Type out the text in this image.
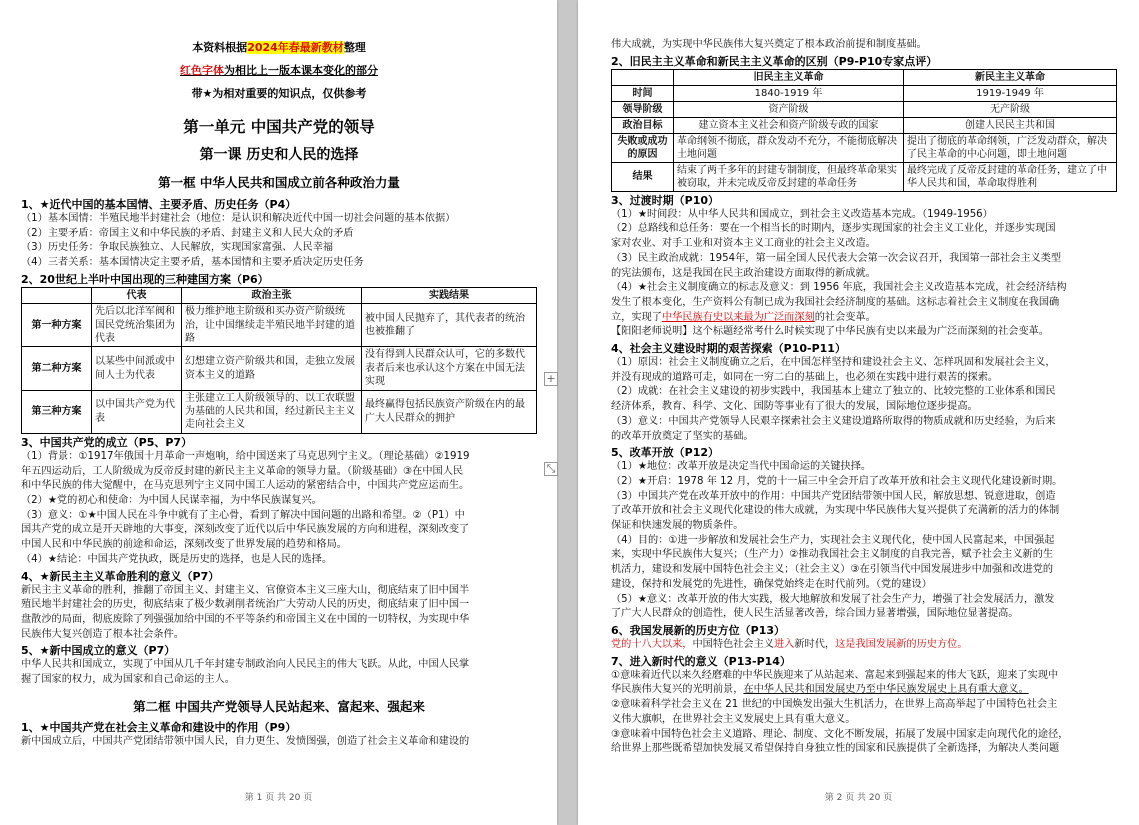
本资料根据2024年春最新教材整理
红色字体为相比上一版本课本变化的部分
带★为相对重要的知识点，仅供参考
第一单元 中国共产党的领导
第一课 历史和人民的选择
第一框 中华人民共和国成立前各种政治力量
1、★近代中国的基本国情、主要矛盾、历史任务（P4）

（1）基本国情：半殖民地半封建社会（地位：是认识和解决近代中国一切社会问题的基本依据）

（2）主要矛盾：帝国主义和中华民族的矛盾、封建主义和人民大众的矛盾

（3）历史任务：争取民族独立、人民解放，实现国家富强、人民幸福

（4）三者关系：基本国情决定主要矛盾，基本国情和主要矛盾决定历史任务

2、20世纪上半叶中国出现的三种建国方案（P6）
	代表	政治主张	实践结果
第一种方案	先后以北洋军阀和国民党统治集团为代表	极力维护地主阶级和买办资产阶级统治，让中国继续走半殖民地半封建的道路	被中国人民抛弃了，其代表者的统治也被推翻了
第二种方案	以某些中间派或中间人士为代表	幻想建立资产阶级共和国，走独立发展资本主义的道路	没有得到人民群众认可，它的多数代表者后来也承认这个方案在中国无法实现
第三种方案	以中国共产党为代表	主张建立工人阶级领导的、以工农联盟为基础的人民共和国，经过新民主主义走向社会主义	最终赢得包括民族资产阶级在内的最广大人民群众的拥护
3、中国共产党的成立（P5、P7）

（1）背景：①1917年俄国十月革命一声炮响，给中国送来了马克思列宁主义。（理论基础）②1919

年五四运动后，工人阶级成为反帝反封建的新民主主义革命的领导力量。（阶级基础）③在中国人民

和中华民族的伟大觉醒中，在马克思列宁主义同中国工人运动的紧密结合中，中国共产党应运而生。

（2）★党的初心和使命：为中国人民谋幸福，为中华民族谋复兴。

（3）意义：①★中国人民在斗争中就有了主心骨，看到了解决中国问题的出路和希望。②（P1）中

国共产党的成立是开天辟地的大事变，深刻改变了近代以后中华民族发展的方向和进程，深刻改变了

中国人民和中华民族的前途和命运，深刻改变了世界发展的趋势和格局。

（4）★结论：中国共产党执政，既是历史的选择，也是人民的选择。

4、★新民主主义革命胜利的意义（P7）

新民主主义革命的胜利，推翻了帝国主义、封建主义、官僚资本主义三座大山，彻底结束了旧中国半

殖民地半封建社会的历史，彻底结束了极少数剥削者统治广大劳动人民的历史，彻底结束了旧中国一

盘散沙的局面，彻底废除了列强强加给中国的不平等条约和帝国主义在中国的一切特权，为实现中华

民族伟大复兴创造了根本社会条件。

5、★新中国成立的意义（P7）

中华人民共和国成立，实现了中国从几千年封建专制政治向人民民主的伟大飞跃。从此，中国人民掌

握了国家的权力，成为国家和自己命运的主人。

第二框 中国共产党领导人民站起来、富起来、强起来
1、★中国共产党在社会主义革命和建设中的作用（P9）

新中国成立后，中国共产党团结带领中国人民，自力更生、发愤图强，创造了社会主义革命和建设的

第 1 页 共 20 页
+
⤡

伟大成就，为实现中华民族伟大复兴奠定了根本政治前提和制度基础。

2、旧民主主义革命和新民主主义革命的区别（P9-P10专家点评）
	旧民主主义革命	新民主主义革命
时间	1840-1919 年	1919-1949 年
领导阶级	资产阶级	无产阶级
政治目标	建立资本主义社会和资产阶级专政的国家	创建人民民主共和国
失败或成功的原因	革命纲领不彻底，群众发动不充分，不能彻底解决土地问题	提出了彻底的革命纲领，广泛发动群众，解决了民主革命的中心问题，即土地问题
结果	结束了两千多年的封建专制制度，但最终革命果实被窃取，并未完成反帝反封建的革命任务	最终完成了反帝反封建的革命任务，建立了中华人民共和国，革命取得胜利
3、过渡时期（P10）

（1）★时间段：从中华人民共和国成立，到社会主义改造基本完成。（1949-1956）

（2）总路线和总任务：要在一个相当长的时期内，逐步实现国家的社会主义工业化，并逐步实现国

家对农业、对手工业和对资本主义工商业的社会主义改造。

（3）民主政治成就：1954年，第一届全国人民代表大会第一次会议召开，我国第一部社会主义类型

的宪法颁布，这是我国在民主政治建设方面取得的新成就。

（4）★社会主义制度确立的标志及意义：到 1956 年底，我国社会主义改造基本完成，社会经济结构

发生了根本变化，生产资料公有制已成为我国社会经济制度的基础。这标志着社会主义制度在我国确

立，实现了中华民族有史以来最为广泛而深刻的社会变革。

【阳阳老师说明】这个标题经常考什么时候实现了中华民族有史以来最为广泛而深刻的社会变革。

4、社会主义建设时期的艰苦探索（P10-P11）

（1）原因：社会主义制度确立之后，在中国怎样坚持和建设社会主义、怎样巩固和发展社会主义，

并没有现成的道路可走，如同在一穷二白的基础上，也必须在实践中进行艰苦的探索。

（2）成就：在社会主义建设的初步实践中，我国基本上建立了独立的、比较完整的工业体系和国民

经济体系，教育、科学、文化、国防等事业有了很大的发展，国际地位逐步提高。

（3）意义：中国共产党领导人民艰辛探索社会主义建设道路所取得的物质成就和历史经验，为后来

的改革开放奠定了坚实的基础。

5、改革开放（P12）

（1）★地位：改革开放是决定当代中国命运的关键抉择。

（2）★开启：1978 年 12 月，党的十一届三中全会开启了改革开放和社会主义现代化建设新时期。

（3）中国共产党在改革开放中的作用：中国共产党团结带领中国人民，解放思想、锐意进取，创造

了改革开放和社会主义现代化建设的伟大成就，为实现中华民族伟大复兴提供了充满新的活力的体制

保证和快速发展的物质条件。

（4）目的：①进一步解放和发展社会生产力，实现社会主义现代化，使中国人民富起来，中国强起

来，实现中华民族伟大复兴；（生产力）②推动我国社会主义制度的自我完善，赋予社会主义新的生

机活力，建设和发展中国特色社会主义；（社会主义）③在引领当代中国发展进步中加强和改进党的

建设，保持和发展党的先进性，确保党始终走在时代前列。（党的建设）

（5）★意义：改革开放的伟大实践，极大地解放和发展了社会生产力，增强了社会发展活力，激发

了广大人民群众的创造性，使人民生活显著改善，综合国力显著增强，国际地位显著提高。

6、我国发展新的历史方位（P13）

党的十八大以来，中国特色社会主义进入新时代，这是我国发展新的历史方位。

7、进入新时代的意义（P13-P14）

①意味着近代以来久经磨难的中华民族迎来了从站起来、富起来到强起来的伟大飞跃，迎来了实现中

华民族伟大复兴的光明前景，在中华人民共和国发展史乃至中华民族发展史上具有重大意义。

②意味着科学社会主义在 21 世纪的中国焕发出强大生机活力，在世界上高高举起了中国特色社会主

义伟大旗帜，在世界社会主义发展史上具有重大意义。

③意味着中国特色社会主义道路、理论、制度、文化不断发展，拓展了发展中国家走向现代化的途径，

给世界上那些既希望加快发展又希望保持自身独立性的国家和民族提供了全新选择，为解决人类问题

第 2 页 共 20 页
